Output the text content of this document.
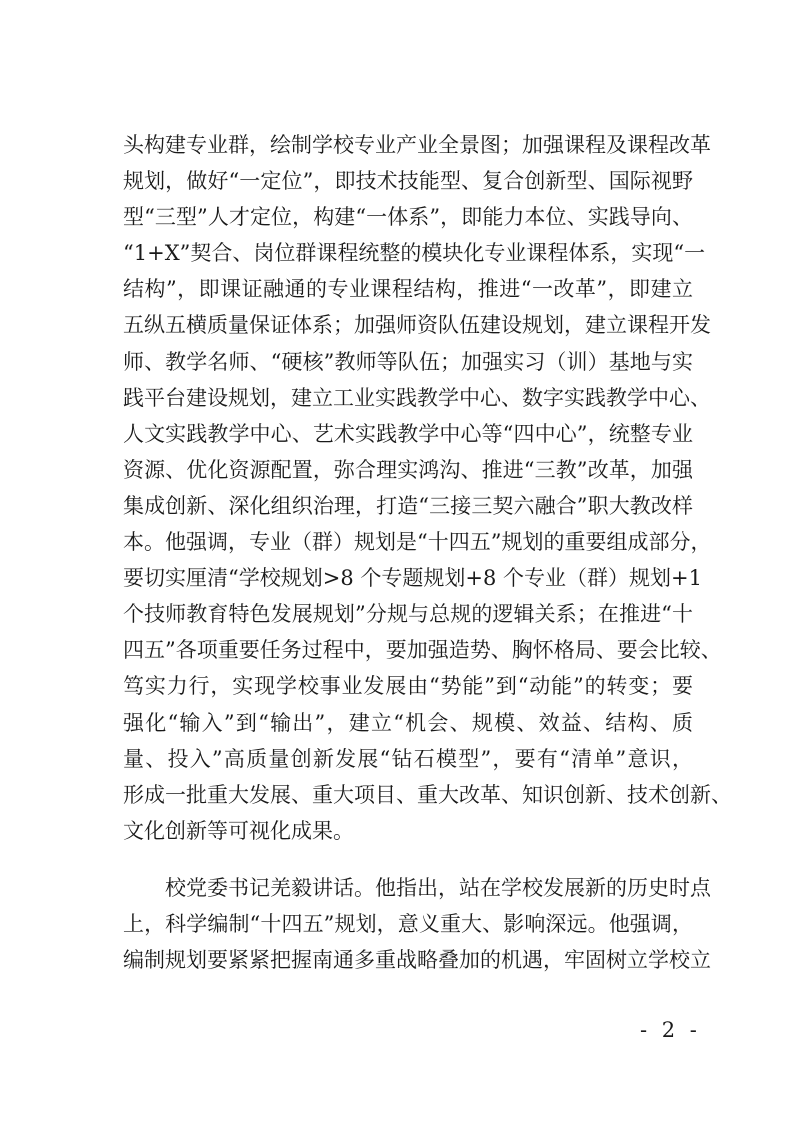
头构建专业群，绘制学校专业产业全景图；加强课程及课程改革
规划，做好“一定位”，即技术技能型、复合创新型、国际视野
型“三型”人才定位，构建“一体系”，即能力本位、实践导向、
“1+X”契合、岗位群课程统整的模块化专业课程体系，实现“一
结构”，即课证融通的专业课程结构，推进“一改革”，即建立
五纵五横质量保证体系；加强师资队伍建设规划，建立课程开发
师、教学名师、“硬核”教师等队伍；加强实习（训）基地与实
践平台建设规划，建立工业实践教学中心、数字实践教学中心、
人文实践教学中心、艺术实践教学中心等“四中心”，统整专业
资源、优化资源配置，弥合理实鸿沟、推进“三教”改革，加强
集成创新、深化组织治理，打造“三接三契六融合”职大教改样
本。他强调，专业（群）规划是“十四五”规划的重要组成部分，
要切实厘清“学校规划>8 个专题规划+8 个专业（群）规划+1
个技师教育特色发展规划”分规与总规的逻辑关系；在推进“十
四五”各项重要任务过程中，要加强造势、胸怀格局、要会比较、
笃实力行，实现学校事业发展由“势能”到“动能”的转变；要
强化“输入”到“输出”，建立“机会、规模、效益、结构、质
量、投入”高质量创新发展“钻石模型”，要有“清单”意识，
形成一批重大发展、重大项目、重大改革、知识创新、技术创新、
文化创新等可视化成果。
校党委书记羌毅讲话。他指出，站在学校发展新的历史时点
上，科学编制“十四五”规划，意义重大、影响深远。他强调，
编制规划要紧紧把握南通多重战略叠加的机遇，牢固树立学校立
- 2 -
